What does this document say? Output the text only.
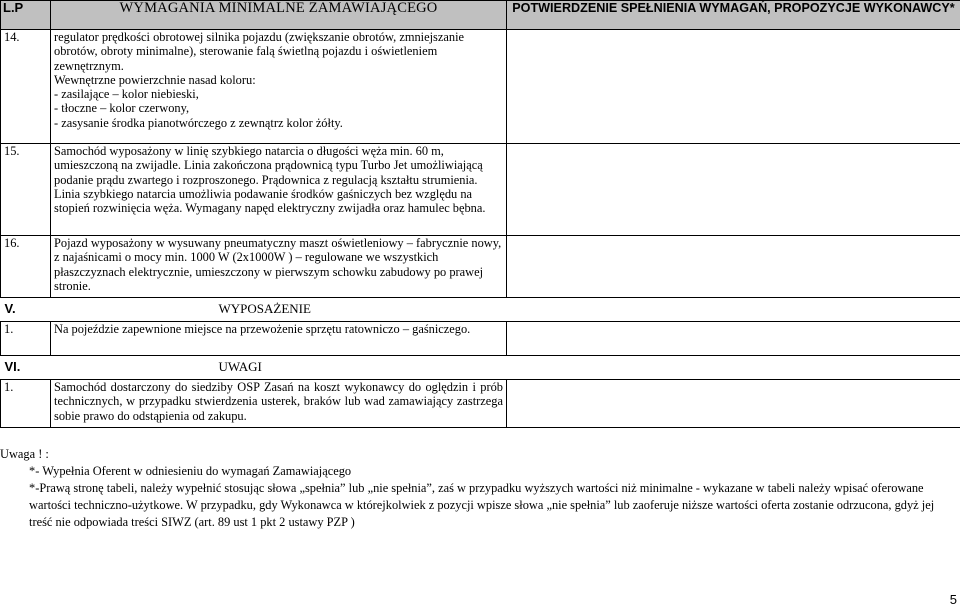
L.P	WYMAGANIA MINIMALNE ZAMAWIAJĄCEGO	POTWIERDZENIE SPEŁNIENIA WYMAGAŃ, PROPOZYCJE WYKONAWCY*
14.	regulator prędkości obrotowej silnika pojazdu (zwiększanie obrotów, zmniejszanie obrotów, obroty minimalne), sterowanie falą świetlną pojazdu i oświetleniem zewnętrznym.
Wewnętrzne powierzchnie nasad koloru:
- zasilające – kolor niebieski,
- tłoczne – kolor czerwony,
- zasysanie środka pianotwórczego z zewnątrz kolor żółty.	

15.	Samochód wyposażony w linię szybkiego natarcia o długości węża min. 60 m, umieszczoną na zwijadle. Linia zakończona prądownicą typu Turbo Jet umożliwiającą podanie prądu zwartego i rozproszonego. Prądownica z regulacją kształtu strumienia. Linia szybkiego natarcia umożliwia podawanie środków gaśniczych bez względu na stopień rozwinięcia węża. Wymagany napęd elektryczny zwijadła oraz hamulec bębna.	

16.	Pojazd wyposażony w wysuwany pneumatyczny maszt oświetleniowy – fabrycznie nowy, z najaśnicami o mocy min. 1000 W (2x1000W ) – regulowane we wszystkich płaszczyznach elektrycznie, umieszczony w pierwszym schowku zabudowy po prawej stronie.	

V.	WYPOSAŻENIE	
1.	Na pojeździe zapewnione miejsce na przewożenie sprzętu ratowniczo – gaśniczego.	
VI.	UWAGI	
1.	Samochód dostarczony do siedziby OSP Zasań na koszt wykonawcy do oględzin i prób technicznych, w przypadku stwierdzenia usterek, braków lub wad zamawiający zastrzega sobie prawo do odstąpienia od zakupu.	
Uwaga ! :
*- Wypełnia Oferent w odniesieniu do wymagań Zamawiającego
*-Prawą stronę tabeli, należy wypełnić stosując słowa „spełnia” lub „nie spełnia”, zaś w przypadku wyższych wartości niż minimalne - wykazane w tabeli należy wpisać oferowane wartości techniczno-użytkowe. W przypadku, gdy Wykonawca w którejkolwiek z pozycji wpisze słowa „nie spełnia” lub zaoferuje niższe wartości oferta zostanie odrzucona, gdyż jej treść nie odpowiada treści SIWZ (art. 89 ust 1 pkt 2 ustawy PZP )
5
